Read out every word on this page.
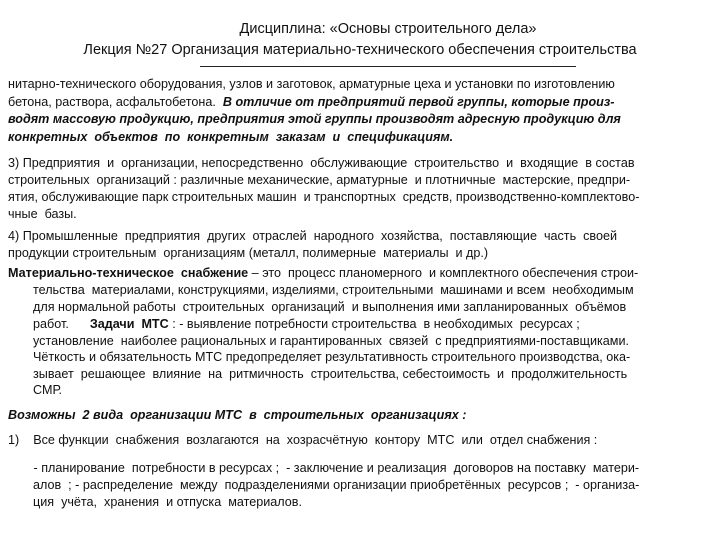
Дисциплина: «Основы строительного дела»
Лекция №27 Организация материально-технического обеспечения строительства
нитарно-технического оборудования, узлов и заготовок, арматурные цеха и установки по изготовлению
бетона, раствора, асфальтобетона.  В отличие от предприятий первой группы, которые произ-
водят массовую продукцию, предприятия этой группы производят адресную продукцию для
конкретных  объектов  по  конкретным  заказам  и  спецификациям.
3) Предприятия  и  организации, непосредственно  обслуживающие  строительство  и  входящие  в состав
строительных  организаций : различные механические, арматурные  и плотничные  мастерские, предпри-
ятия, обслуживающие парк строительных машин  и транспортных  средств, производственно-комплектово-
чные  базы.
4) Промышленные  предприятия  других  отраслей  народного  хозяйства,  поставляющие  часть  своей
продукции строительным  организациям (металл, полимерные  материалы  и др.)
Материально-техническое  снабжение – это  процесс планомерного  и комплектного обеспечения строи-
тельства  материалами, конструкциями, изделиями, строительными  машинами и всем  необходимым
для нормальной работы  строительных  организаций  и выполнения ими запланированных  объёмов
работ.      Задачи  МТС : - выявление потребности строительства  в необходимых  ресурсах ;
установление  наиболее рациональных и гарантированных  связей  с предприятиями-поставщиками.
Чёткость и обязательность МТС предопределяет результативность строительного производства, ока-
зывает  решающее  влияние  на  ритмичность  строительства, себестоимость  и  продолжительность
СМР.
Возможны  2 вида  организации МТС  в  строительных  организациях :
1)    Все функции  снабжения  возлагаются  на  хозрасчётную  контору  МТС  или  отдел снабжения :
- планирование  потребности в ресурсах ;  - заключение и реализация  договоров на поставку  матери-
алов  ; - распределение  между  подразделениями организации приобретённых  ресурсов ;  - организа-
ция  учёта,  хранения  и отпуска  материалов.
